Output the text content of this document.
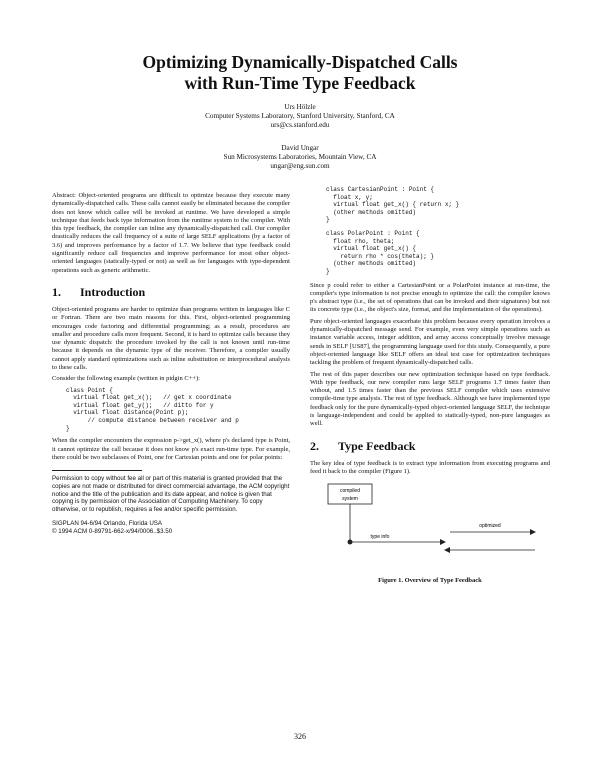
Optimizing Dynamically-Dispatched Calls
with Run-Time Type Feedback
Urs Hölzle
Computer Systems Laboratory, Stanford University, Stanford, CA
urs@cs.stanford.edu
David Ungar
Sun Microsystems Laboratories, Mountain View, CA
ungar@eng.sun.com

Abstract: Object-oriented programs are difficult to optimize because they execute many dynamically-dispatched calls. These calls cannot easily be eliminated because the compiler does not know which callee will be invoked at runtime. We have developed a simple technique that feeds back type information from the runtime system to the compiler. With this type feedback, the compiler can inline any dynamically-dispatched call. Our compiler drastically reduces the call frequency of a suite of large SELF applications (by a factor of 3.6) and improves performance by a factor of 1.7. We believe that type feedback could significantly reduce call frequencies and improve performance for most other object-oriented languages (statically-typed or not) as well as for languages with type-dependent operations such as generic arithmetic.

1. Introduction

Object-oriented programs are harder to optimize than programs written in languages like C or Fortran. There are two main reasons for this. First, object-oriented programming encourages code factoring and differential programming; as a result, procedures are smaller and procedure calls more frequent. Second, it is hard to optimize calls because they use dynamic dispatch: the procedure invoked by the call is not known until run-time because it depends on the dynamic type of the receiver. Therefore, a compiler usually cannot apply standard optimizations such as inline substitution or interprocedural analysis to these calls.

Consider the following example (written in pidgin C++):

class Point {
virtual float get_x();   // get x coordinate
virtual float get_y();   // ditto for y
virtual float distance(Point p);
// compute distance between receiver and p
}

When the compiler encounters the expression p->get_x(), where p's declared type is Point, it cannot optimize the call because it does not know p's exact run-time type. For example, there could be two subclasses of Point, one for Cartesian points and one for polar points:

Permission to copy without fee all or part of this material is granted provided that the copies are not made or distributed for direct commercial advantage, the ACM copyright notice and the title of the publication and its date appear, and notice is given that copying is by permission of the Association of Computing Machinery. To copy otherwise, or to republish, requires a fee and/or specific permission.
SIGPLAN 94-6/94 Orlando, Florida USA
© 1994 ACM 0-89791-662-x/94/0006..$3.50
class CartesianPoint : Point {
float x, y;
virtual float get_x() { return x; }
(other methods omitted)
}
class PolarPoint : Point {
float rho, theta;
virtual float get_x() {
return rho * cos(theta); }
(other methods omitted)
}

Since p could refer to either a CartesianPoint or a PolarPoint instance at run-time, the compiler's type information is not precise enough to optimize the call: the compiler knows p's abstract type (i.e., the set of operations that can be invoked and their signatures) but not its concrete type (i.e., the object's size, format, and the implementation of the operations).

Pure object-oriented languages exacerbate this problem because every operation involves a dynamically-dispatched message send. For example, even very simple operations such as instance variable access, integer addition, and array access conceptually involve message sends in SELF [US87], the programming language used for this study. Consequently, a pure object-oriented language like SELF offers an ideal test case for optimization techniques tackling the problem of frequent dynamically-dispatched calls.

The rest of this paper describes our new optimization technique based on type feedback. With type feedback, our new compiler runs large SELF programs 1.7 times faster than without, and 1.5 times faster than the previous SELF compiler which uses extensive compile-time type analysis. The rest of type feedback. Although we have implemented type feedback only for the pure dynamically-typed object-oriented language SELF, the technique is language-independent and could be applied to statically-typed, non-pure languages as well.

2. Type Feedback

The key idea of type feedback is to extract type information from executing programs and feed it back to the compiler (Figure 1).

compiled
system
type info
optimized
Figure 1. Overview of Type Feedback
326
